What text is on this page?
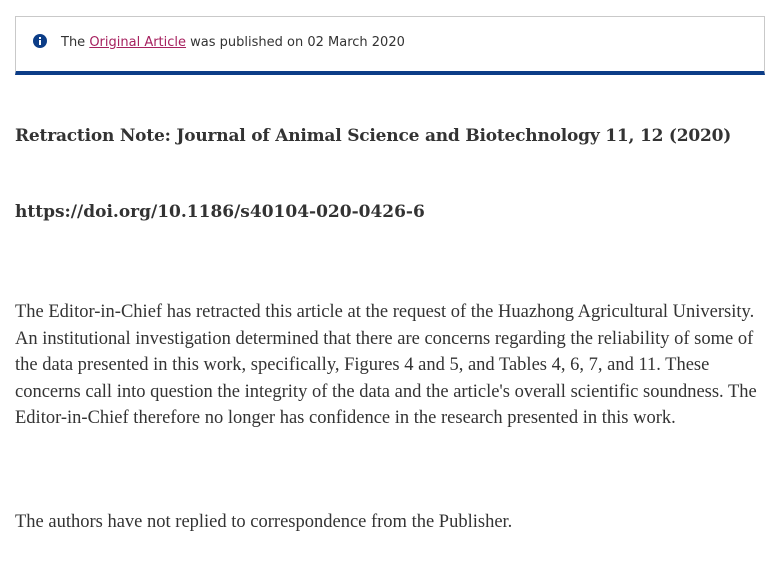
The Original Article was published on 02 March 2020
Retraction Note: Journal of Animal Science and Biotechnology 11, 12 (2020)

https://doi.org/10.1186/s40104-020-0426-6

The Editor-in-Chief has retracted this article at the request of the Huazhong Agricultural University. An institutional investigation determined that there are concerns regarding the reliability of some of the data presented in this work, specifically, Figures 4 and 5, and Tables 4, 6, 7, and 11. These concerns call into question the integrity of the data and the article's overall scientific soundness. The Editor-in-Chief therefore no longer has confidence in the research presented in this work.

The authors have not replied to correspondence from the Publisher.
